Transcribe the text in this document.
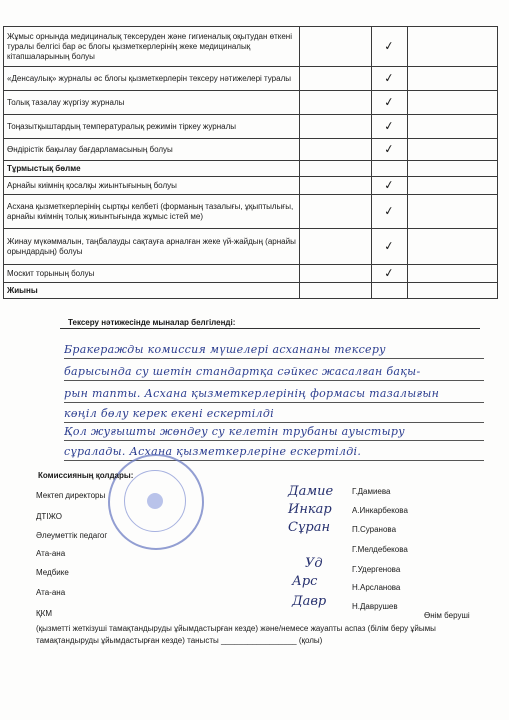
Жұмыс орнында медициналық тексеруден және гигиеналық оқытудан өткені туралы белгісі бар әс блогы қызметкерлерінің жеке медициналық кітапшаларының болуы		✓	
«Денсаулық» журналы әс блогы қызметкерлерін тексеру нәтижелері туралы		✓	
Толық тазалау жүргізу журналы		✓	
Тоңазытқыштардың температуралық режимін тіркеу журналы		✓	
Өндірістік бақылау бағдарламасының болуы		✓	
Тұрмыстық бөлме			
Арнайы киімнің қосалқы жиынтығының болуы		✓	
Асхана қызметкерлерінің сыртқы келбеті (форманың тазалығы, ұқыптылығы, арнайы киімнің толық жиынтығында жұмыс істей ме)		✓	
Жинау мүкәммалын, таңбалауды сақтауға арналған жеке үй-жайдың (арнайы орындардың) болуы		✓	
Москит торының болуы		✓	
Жиыны			
Тексеру нәтижесінде мыналар белгіленді:
Бракеражды комиссия мүшелері асхананы тексеру
барысында су шетін стандартқа сәйкес жасалған бақы-
рын тапты. Асхана қызметкерлерінің формасы тазалығын
көңіл бөлу керек екені ескертілді
Қол жуғышты жөндеу су келетін трубаны ауыстыру
сұралады. Асхана қызметкерлеріне ескертілді.
Комиссияның қолдары:
Мектеп директоры	Дамие Г.Дамиева
ДТІЖО	Инкар	А.Инкарбекова
Әлеуметтік педагог
Сұран	П.Суранова
Ата-ана	Г.Мелдебекова
Медбике
Уд	Г.Удергенова
Ата-ана
Арс	Н.Арсланова
ҚКМ
Давр	Н.Даврушев
Өнім беруші
(қызметті жеткізуші тамақтандыруды ұйымдастырған кезде) және/немесе жауапты аспаз (білім беру ұйымы
тамақтандыруды ұйымдастырған кезде) танысты _________________ (қолы)
